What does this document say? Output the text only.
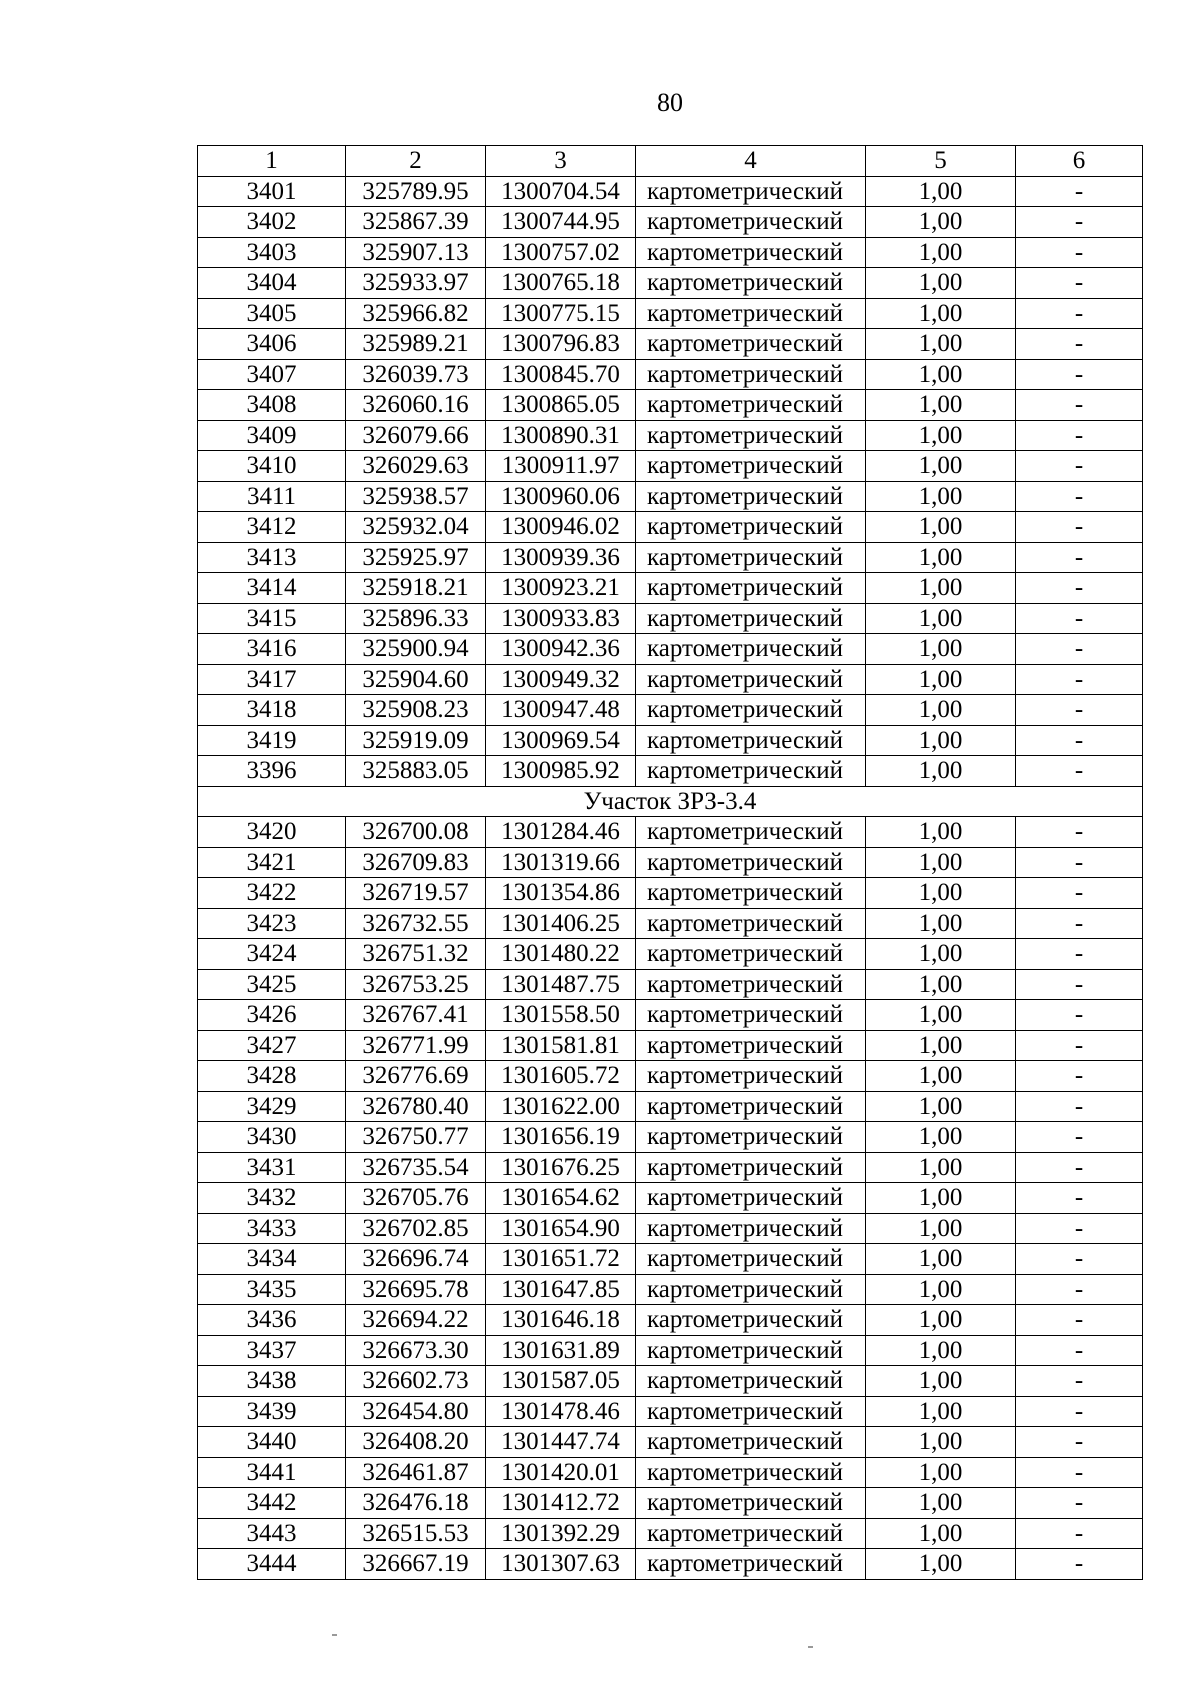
80
1	2	3	4	5	6
3401	325789.95	1300704.54	картометрический	1,00	-
3402	325867.39	1300744.95	картометрический	1,00	-
3403	325907.13	1300757.02	картометрический	1,00	-
3404	325933.97	1300765.18	картометрический	1,00	-
3405	325966.82	1300775.15	картометрический	1,00	-
3406	325989.21	1300796.83	картометрический	1,00	-
3407	326039.73	1300845.70	картометрический	1,00	-
3408	326060.16	1300865.05	картометрический	1,00	-
3409	326079.66	1300890.31	картометрический	1,00	-
3410	326029.63	1300911.97	картометрический	1,00	-
3411	325938.57	1300960.06	картометрический	1,00	-
3412	325932.04	1300946.02	картометрический	1,00	-
3413	325925.97	1300939.36	картометрический	1,00	-
3414	325918.21	1300923.21	картометрический	1,00	-
3415	325896.33	1300933.83	картометрический	1,00	-
3416	325900.94	1300942.36	картометрический	1,00	-
3417	325904.60	1300949.32	картометрический	1,00	-
3418	325908.23	1300947.48	картометрический	1,00	-
3419	325919.09	1300969.54	картометрический	1,00	-
3396	325883.05	1300985.92	картометрический	1,00	-
Участок ЗРЗ-3.4					
3420	326700.08	1301284.46	картометрический	1,00	-
3421	326709.83	1301319.66	картометрический	1,00	-
3422	326719.57	1301354.86	картометрический	1,00	-
3423	326732.55	1301406.25	картометрический	1,00	-
3424	326751.32	1301480.22	картометрический	1,00	-
3425	326753.25	1301487.75	картометрический	1,00	-
3426	326767.41	1301558.50	картометрический	1,00	-
3427	326771.99	1301581.81	картометрический	1,00	-
3428	326776.69	1301605.72	картометрический	1,00	-
3429	326780.40	1301622.00	картометрический	1,00	-
3430	326750.77	1301656.19	картометрический	1,00	-
3431	326735.54	1301676.25	картометрический	1,00	-
3432	326705.76	1301654.62	картометрический	1,00	-
3433	326702.85	1301654.90	картометрический	1,00	-
3434	326696.74	1301651.72	картометрический	1,00	-
3435	326695.78	1301647.85	картометрический	1,00	-
3436	326694.22	1301646.18	картометрический	1,00	-
3437	326673.30	1301631.89	картометрический	1,00	-
3438	326602.73	1301587.05	картометрический	1,00	-
3439	326454.80	1301478.46	картометрический	1,00	-
3440	326408.20	1301447.74	картометрический	1,00	-
3441	326461.87	1301420.01	картометрический	1,00	-
3442	326476.18	1301412.72	картометрический	1,00	-
3443	326515.53	1301392.29	картометрический	1,00	-
3444	326667.19	1301307.63	картометрический	1,00	-
